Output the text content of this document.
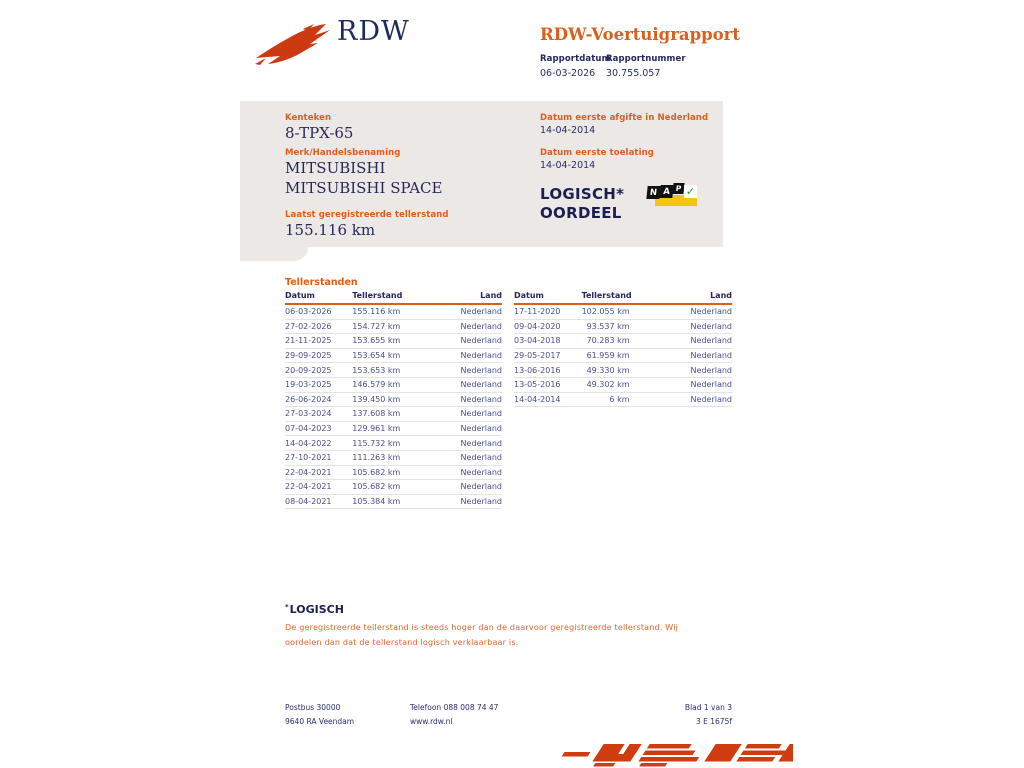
RDW	RDW-Voertuigrapport
Rapportdatum
06-03-2026
Rapportnummer
30.755.057
Kenteken
8-TPX-65
Merk/Handelsbenaming
MITSUBISHI
MITSUBISHI SPACE
Laatst geregistreerde tellerstand
155.116 km
Datum eerste afgifte in Nederland
14-04-2014
Datum eerste toelating
14-04-2014
LOGISCH*
OORDEEL
N A P ✓
Tellerstanden
Datum	Tellerstand	Land
06-03-2026	155.116 km	Nederland
27-02-2026	154.727 km	Nederland
21-11-2025	153.655 km	Nederland
29-09-2025	153.654 km	Nederland
20-09-2025	153.653 km	Nederland
19-03-2025	146.579 km	Nederland
26-06-2024	139.450 km	Nederland
27-03-2024	137.608 km	Nederland
07-04-2023	129.961 km	Nederland
14-04-2022	115.732 km	Nederland
27-10-2021	111.263 km	Nederland
22-04-2021	105.682 km	Nederland
22-04-2021	105.682 km	Nederland
08-04-2021	105.384 km	Nederland
Datum	Tellerstand	Land
17-11-2020	102.055 km	Nederland
09-04-2020	93.537 km	Nederland
03-04-2018	70.283 km	Nederland
29-05-2017	61.959 km	Nederland
13-06-2016	49.330 km	Nederland
13-05-2016	49.302 km	Nederland
14-04-2014	6 km	Nederland
*LOGISCH
De geregistreerde tellerstand is steeds hoger dan de daarvoor geregistreerde tellerstand. Wij oordelen dan dat de tellerstand logisch verklaarbaar is.
Postbus 30000
9640 RA Veendam
Telefoon 088 008 74 47
www.rdw.nl
Blad 1 van 3
3 E 1675f
